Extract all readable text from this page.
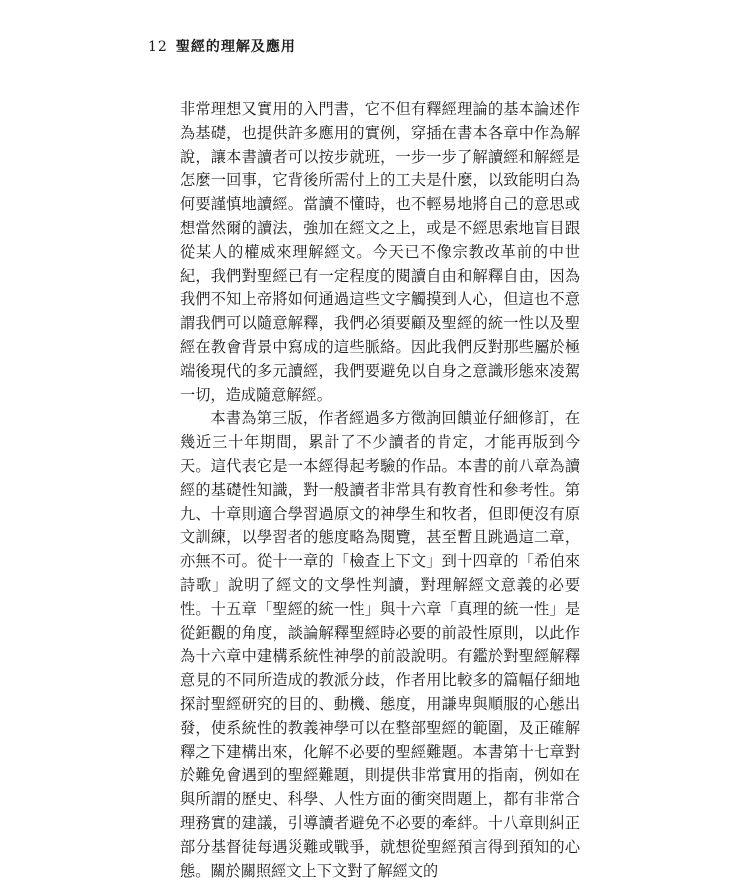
12 聖經的理解及應用

非常理想又實用的入門書，它不但有釋經理論的基本論述作為基礎，也提供許多應用的實例，穿插在書本各章中作為解說，讓本書讀者可以按步就班，一步一步了解讀經和解經是怎麼一回事，它背後所需付上的工夫是什麼，以致能明白為何要謹慎地讀經。當讀不懂時，也不輕易地將自己的意思或想當然爾的讀法，強加在經文之上，或是不經思索地盲目跟從某人的權威來理解經文。今天已不像宗教改革前的中世紀，我們對聖經已有一定程度的閱讀自由和解釋自由，因為我們不知上帝將如何通過這些文字觸摸到人心，但這也不意謂我們可以隨意解釋，我們必須要顧及聖經的統一性以及聖經在教會背景中寫成的這些脈絡。因此我們反對那些屬於極端後現代的多元讀經，我們要避免以自身之意識形態來凌駕一切，造成隨意解經。

本書為第三版，作者經過多方徵詢回饋並仔細修訂，在幾近三十年期間，累計了不少讀者的肯定，才能再版到今天。這代表它是一本經得起考驗的作品。本書的前八章為讀經的基礎性知識，對一般讀者非常具有教育性和參考性。第九、十章則適合學習過原文的神學生和牧者，但即便沒有原文訓練，以學習者的態度略為閱覽，甚至暫且跳過這二章，亦無不可。從十一章的「檢查上下文」到十四章的「希伯來詩歌」說明了經文的文學性判讀，對理解經文意義的必要性。十五章「聖經的統一性」與十六章「真理的統一性」是從鉅觀的角度，談論解釋聖經時必要的前設性原則，以此作為十六章中建構系統性神學的前設說明。有鑑於對聖經解釋意見的不同所造成的教派分歧，作者用比較多的篇幅仔細地探討聖經研究的目的、動機、態度，用謙卑與順服的心態出發，使系統性的教義神學可以在整部聖經的範圍，及正確解釋之下建構出來，化解不必要的聖經難題。本書第十七章對於難免會遇到的聖經難題，則提供非常實用的指南，例如在與所謂的歷史、科學、人性方面的衝突問題上，都有非常合理務實的建議，引導讀者避免不必要的牽絆。十八章則糾正部分基督徒每遇災難或戰爭，就想從聖經預言得到預知的心態。關於關照經文上下文對了解經文的
